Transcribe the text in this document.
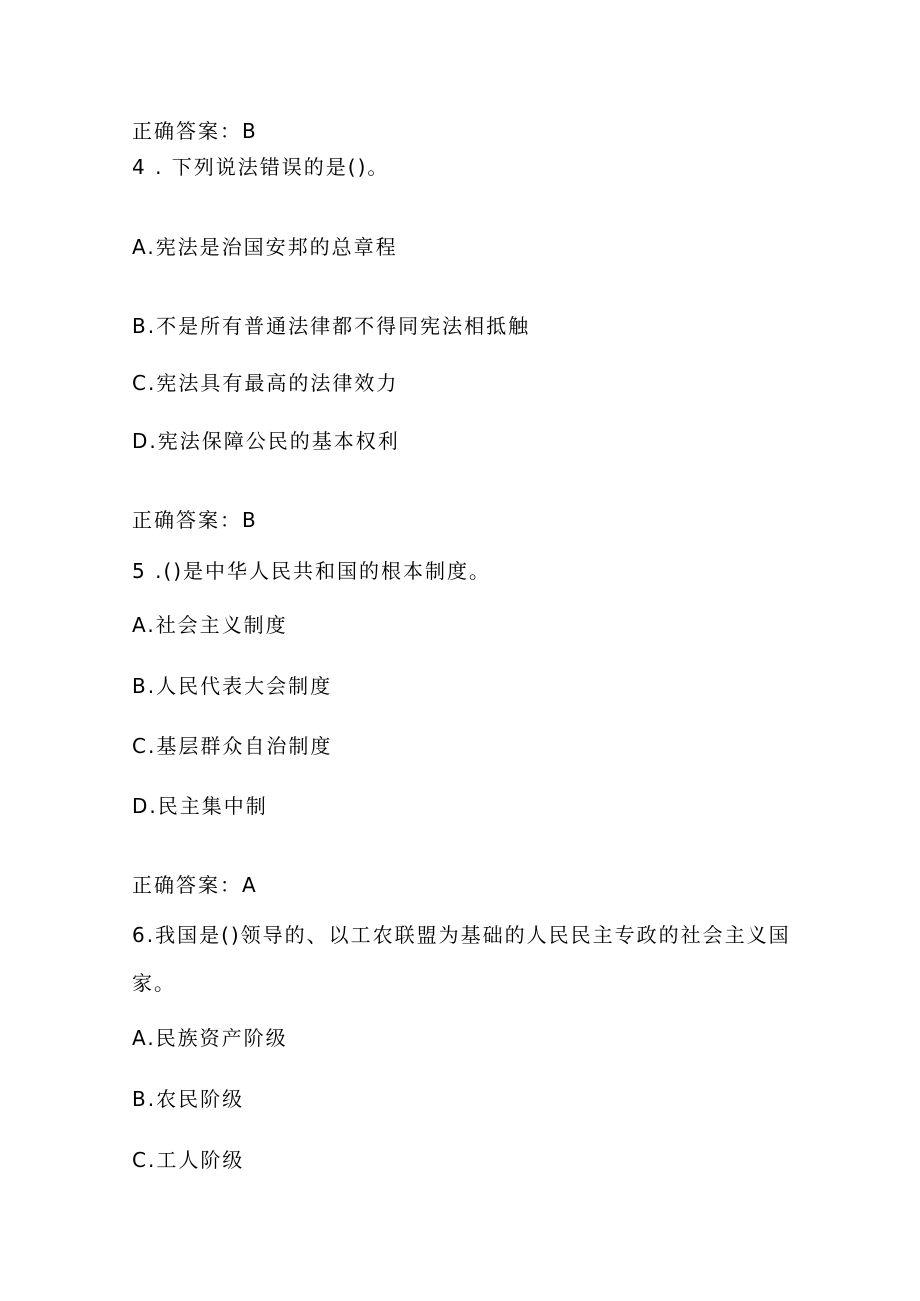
正确答案：B
4 . 下列说法错误的是()。
A.宪法是治国安邦的总章程
B.不是所有普通法律都不得同宪法相抵触
C.宪法具有最高的法律效力
D.宪法保障公民的基本权利
正确答案：B
5 .()是中华人民共和国的根本制度。
A.社会主义制度
B.人民代表大会制度
C.基层群众自治制度
D.民主集中制
正确答案：A
6.我国是()领导的、以工农联盟为基础的人民民主专政的社会主义国
家。
A.民族资产阶级
B.农民阶级
C.工人阶级
